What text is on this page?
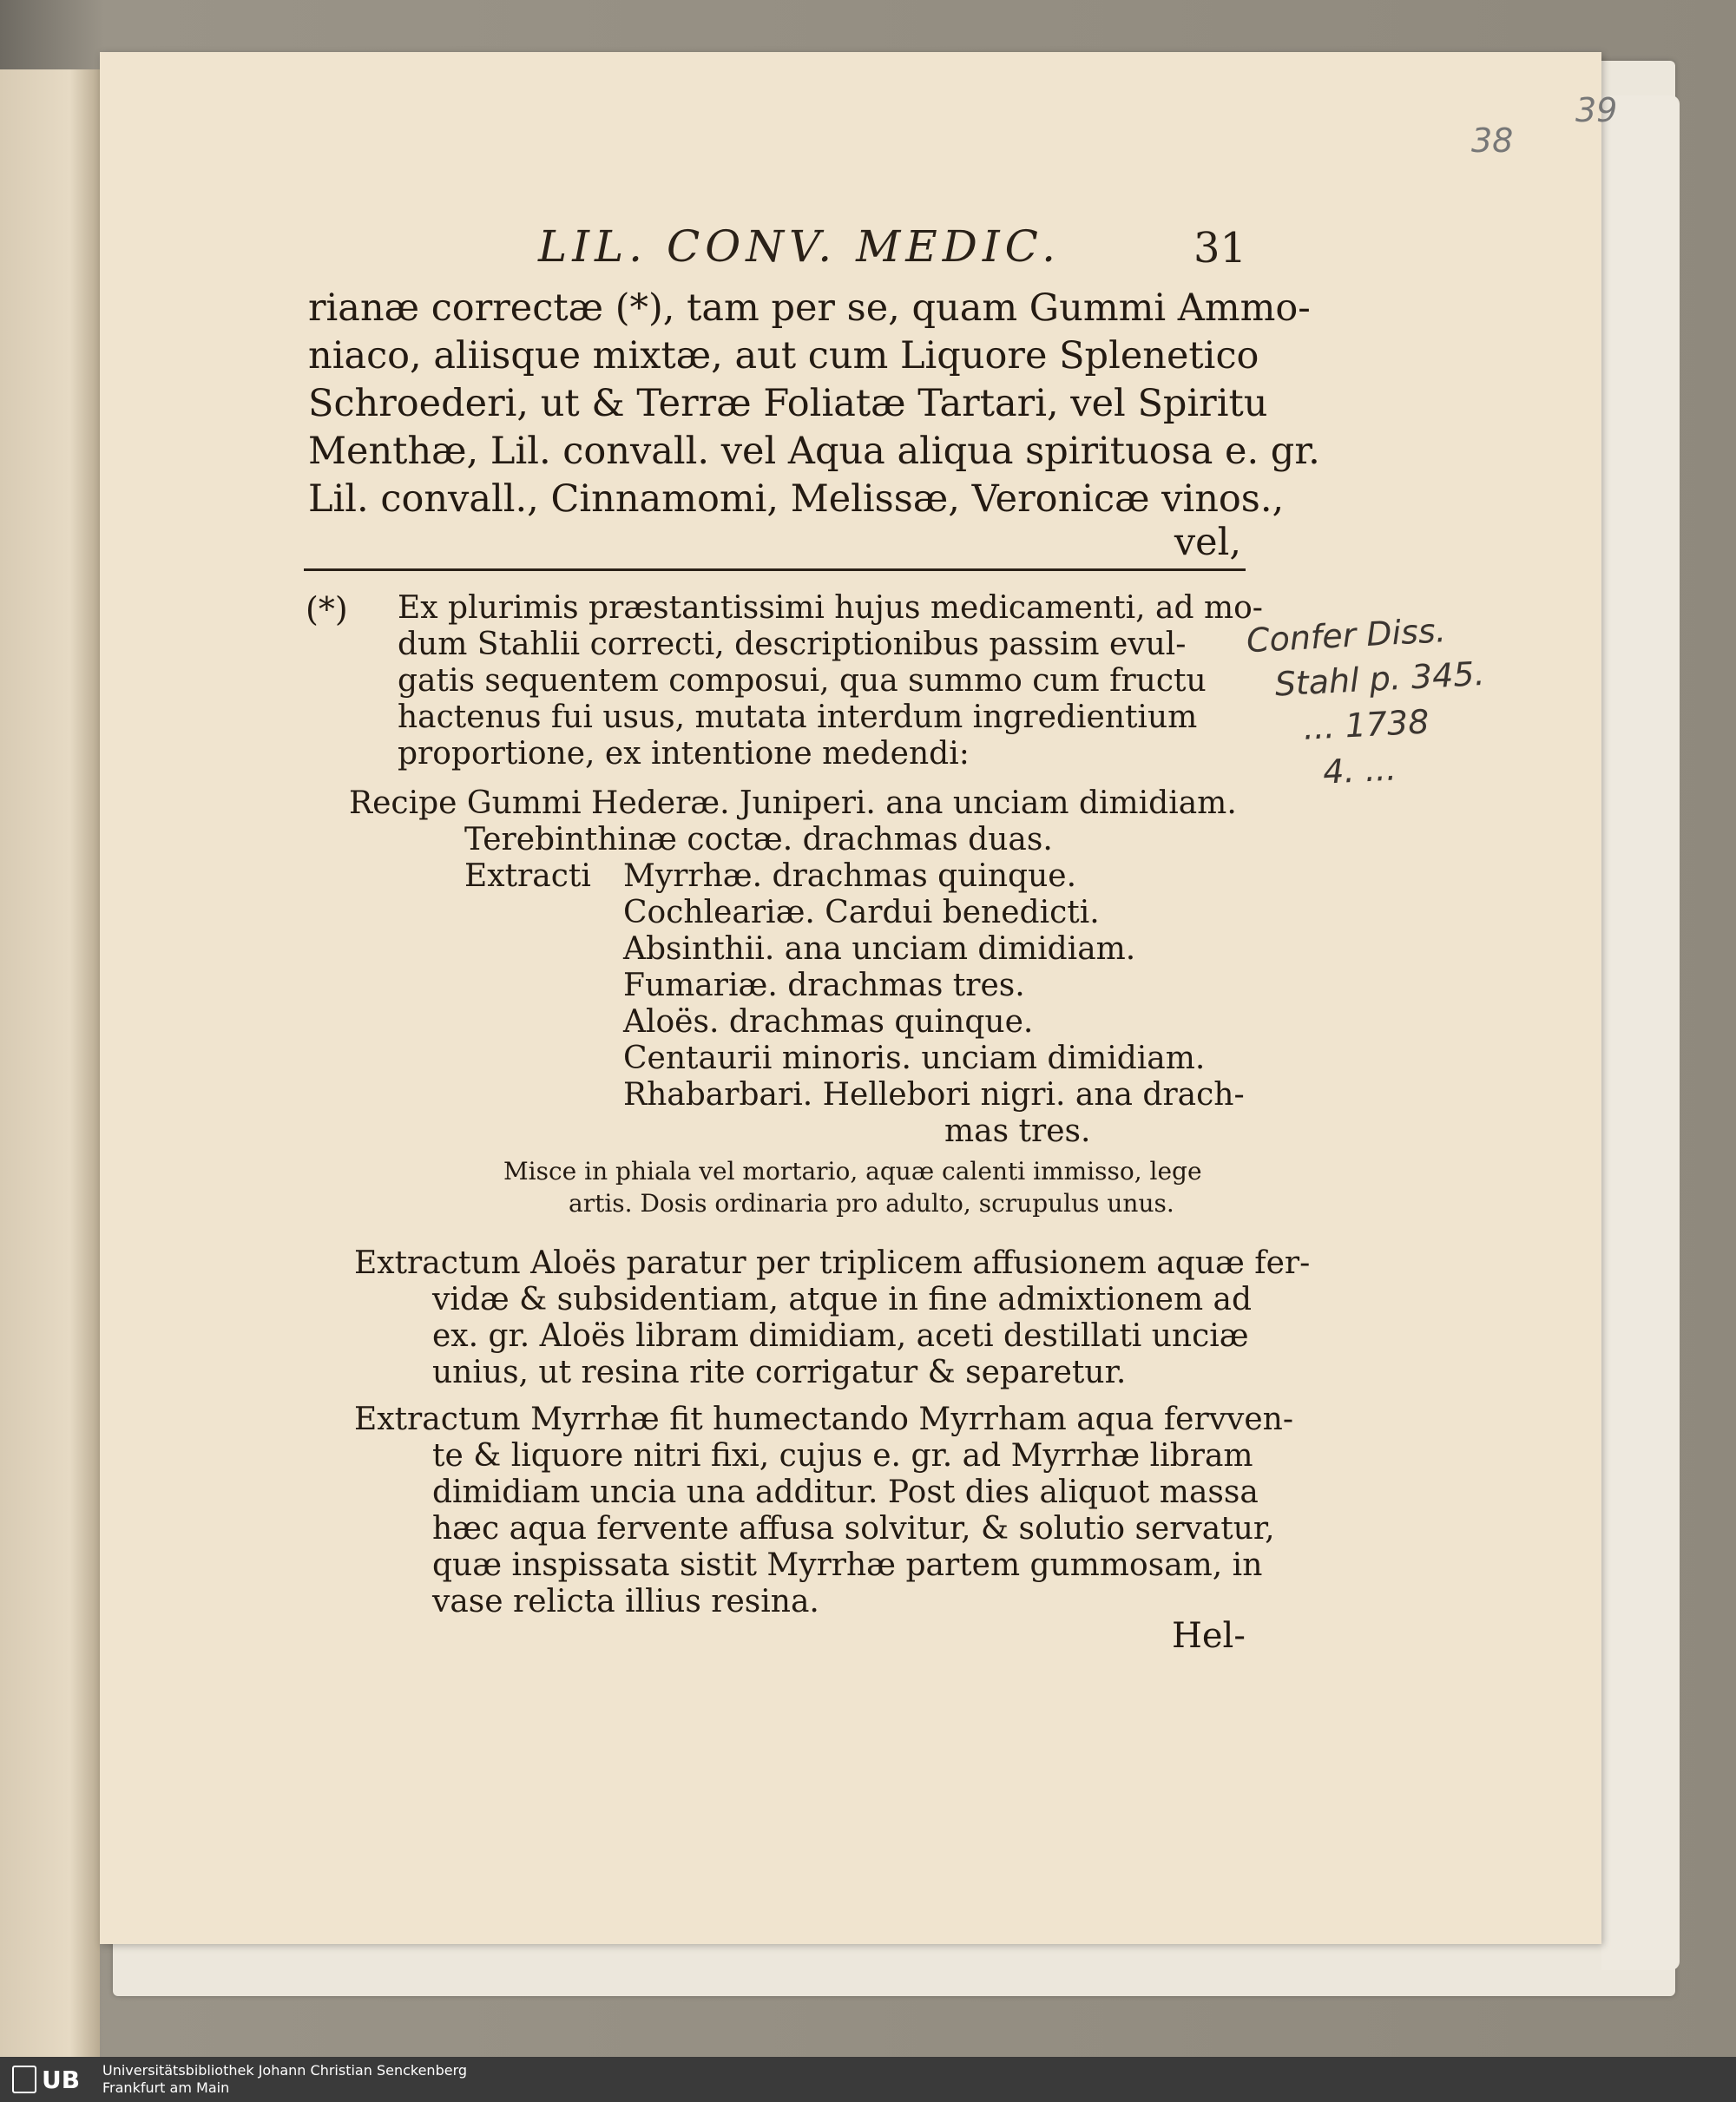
39
38
LIL. CONV. MEDIC.	31
rianæ correctæ (*), tam per se, quam Gummi Ammo-
niaco, aliisque mixtæ, aut cum Liquore Splenetico
Schroederi, ut & Terræ Foliatæ Tartari, vel Spiritu
Menthæ, Lil. convall. vel Aqua aliqua spirituosa e. gr.
Lil. convall., Cinnamomi, Melissæ, Veronicæ vinos.,
vel,
(*) Ex plurimis præstantissimi hujus medicamenti, ad mo-
dum Stahlii correcti, descriptionibus passim evul-
gatis sequentem composui, qua summo cum fructu
hactenus fui usus, mutata interdum ingredientium
proportione, ex intentione medendi:
Recipe Gummi Hederæ. Juniperi. ana unciam dimidiam.
Terebinthinæ coctæ. drachmas duas.
Extracti Myrrhæ. drachmas quinque.
Cochleariæ. Cardui benedicti.
Absinthii. ana unciam dimidiam.
Fumariæ. drachmas tres.
Aloës. drachmas quinque.
Centaurii minoris. unciam dimidiam.
Rhabarbari. Hellebori nigri. ana drach-
mas tres.
Misce in phiala vel mortario, aquæ calenti immisso, lege
artis. Dosis ordinaria pro adulto, scrupulus unus.
Extractum Aloës paratur per triplicem affusionem aquæ fer-
vidæ & subsidentiam, atque in fine admixtionem ad
ex. gr. Aloës libram dimidiam, aceti destillati unciæ
unius, ut resina rite corrigatur & separetur.
Extractum Myrrhæ fit humectando Myrrham aqua fervven-
te & liquore nitri fixi, cujus e. gr. ad Myrrhæ libram
dimidiam uncia una additur. Post dies aliquot massa
hæc aqua fervente affusa solvitur, & solutio servatur,
quæ inspissata sistit Myrrhæ partem gummosam, in
vase relicta illius resina.
Hel-
Confer Diss.
Stahl p. 345.
... 1738
4. ...
UB Universitätsbibliothek Johann Christian Senckenberg
Frankfurt am Main
